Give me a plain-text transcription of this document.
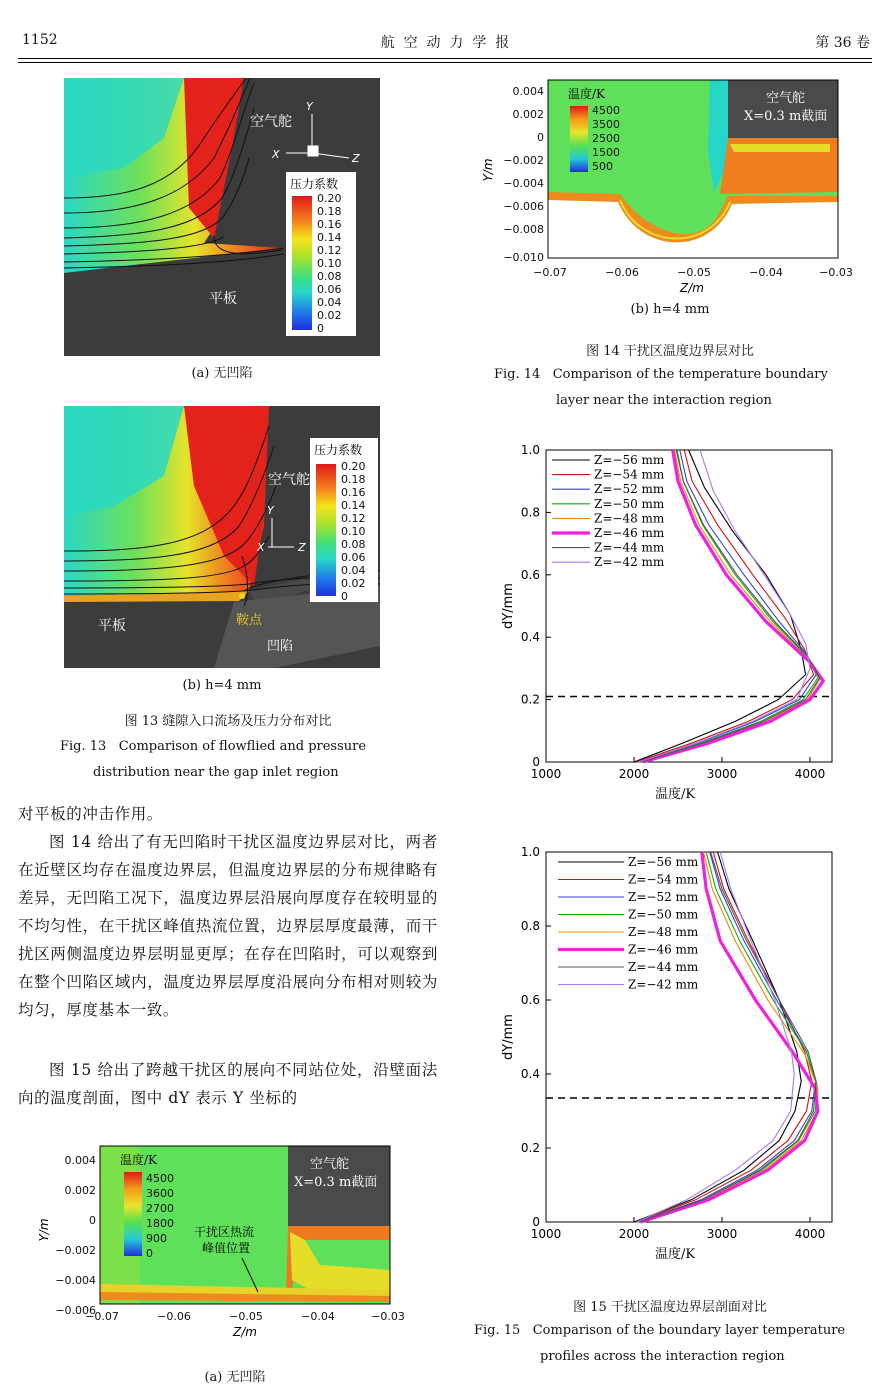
1152	航  空  动  力  学  报	第 36 卷
空气舵
平板
Y
X	Z
压力系数
0.20
0.18
0.16
0.14
0.12
0.10
0.08
0.06
0.04
0.02
0
(a) 无凹陷
空气舵
平板	鞍点
凹陷
Y
X	Z
压力系数
0.20
0.18
0.16
0.14
0.12
0.10
0.08
0.06
0.04
0.02
0
(b) h=4 mm
图 13 缝隙入口流场及压力分布对比
Fig. 13   Comparison of flowflied and pressure
distribution near the gap inlet region
对平板的冲击作用。
图 14 给出了有无凹陷时干扰区温度边界层对比，两者在近壁区均存在温度边界层，但温度边界层的分布规律略有差异，无凹陷工况下，温度边界层沿展向厚度存在较明显的不均匀性，在干扰区峰值热流位置，边界层厚度最薄，而干扰区两侧温度边界层明显更厚；在存在凹陷时，可以观察到在整个凹陷区域内，温度边界层厚度沿展向分布相对则较为均匀，厚度基本一致。
图 15 给出了跨越干扰区的展向不同站位处，沿壁面法向的温度剖面，图中 dY 表示 Y 坐标的
空气舵
X=0.3 m截面
温度/K
4500
3600
2700
1800
900
0
干扰区热流
峰值位置
0.004
0.002
0
−0.002
−0.004
−0.006
−0.07	−0.06	−0.05	−0.04	−0.03
Z/m
Y/m
(a) 无凹陷
空气舵
X=0.3 m截面
温度/K
4500
3500
2500
1500
500
0.004
0.002
0
−0.002
−0.004
−0.006
−0.008
−0.010
−0.07	−0.06	−0.05	−0.04	−0.03
Z/m
Y/m
(b) h=4 mm
图 14 干扰区温度边界层对比
Fig. 14   Comparison of the temperature boundary
layer near the interaction region
1000	2000	3000	4000
0
0.2
0.4
0.6
0.8
1.0
温度/K
dY/mm
Z=−56 mm
Z=−54 mm
Z=−52 mm
Z=−50 mm
Z=−48 mm
Z=−46 mm
Z=−44 mm
Z=−42 mm
1000	2000	3000	4000
0
0.2
0.4
0.6
0.8
1.0
温度/K
dY/mm
Z=−56 mm
Z=−54 mm
Z=−52 mm
Z=−50 mm
Z=−48 mm
Z=−46 mm
Z=−44 mm
Z=−42 mm
图 15 干扰区温度边界层剖面对比
Fig. 15   Comparison of the boundary layer temperature
profiles across the interaction region
